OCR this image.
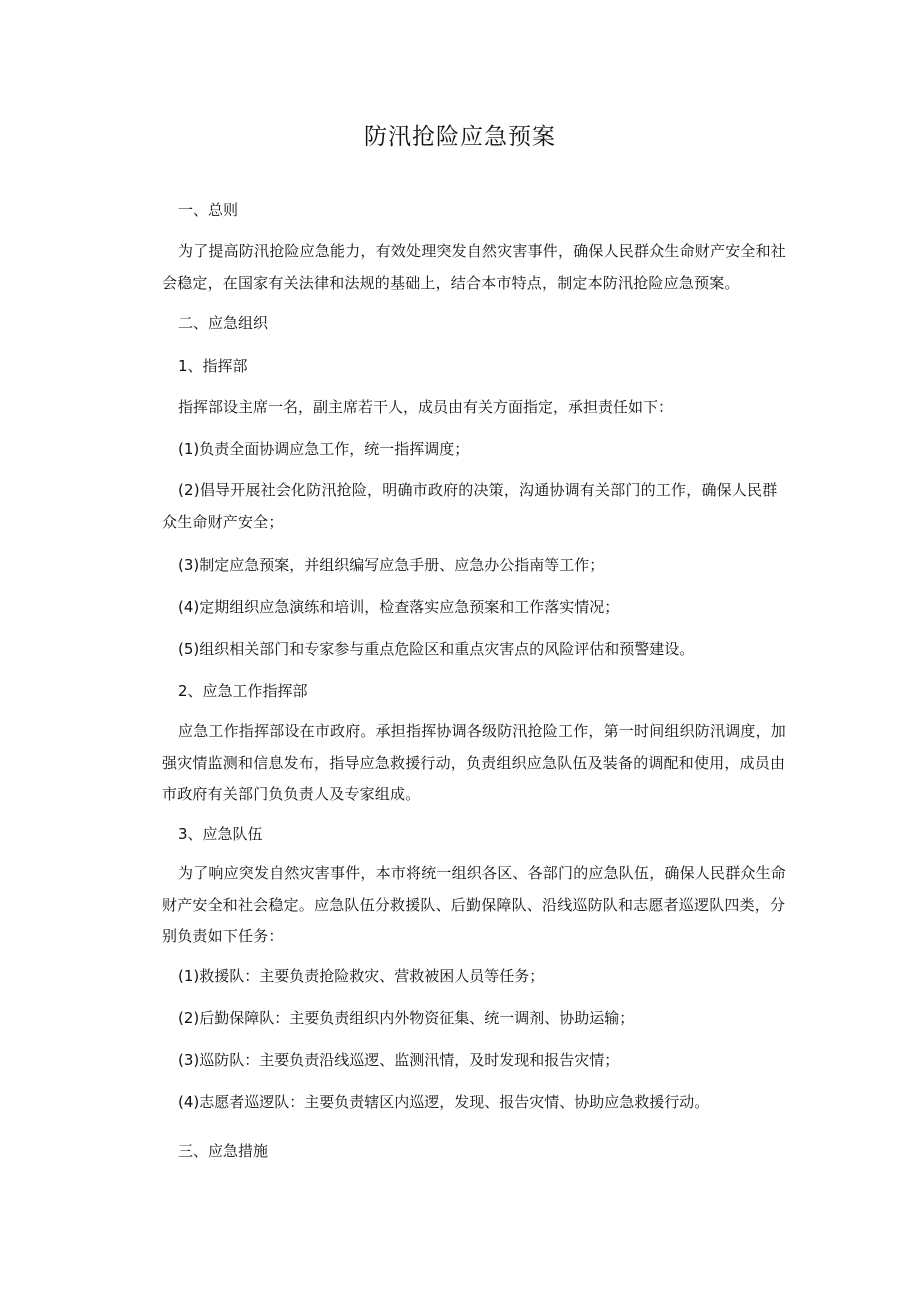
防汛抢险应急预案
一、总则
为了提高防汛抢险应急能力，有效处理突发自然灾害事件，确保人民群众生命财产安全和社会稳定，在国家有关法律和法规的基础上，结合本市特点，制定本防汛抢险应急预案。
二、应急组织
1、指挥部
指挥部设主席一名，副主席若干人，成员由有关方面指定，承担责任如下：
(1)负责全面协调应急工作，统一指挥调度；
(2)倡导开展社会化防汛抢险，明确市政府的决策，沟通协调有关部门的工作，确保人民群众生命财产安全；
(3)制定应急预案，并组织编写应急手册、应急办公指南等工作；
(4)定期组织应急演练和培训，检查落实应急预案和工作落实情况；
(5)组织相关部门和专家参与重点危险区和重点灾害点的风险评估和预警建设。
2、应急工作指挥部
应急工作指挥部设在市政府。承担指挥协调各级防汛抢险工作，第一时间组织防汛调度，加强灾情监测和信息发布，指导应急救援行动，负责组织应急队伍及装备的调配和使用，成员由市政府有关部门负负责人及专家组成。
3、应急队伍
为了响应突发自然灾害事件，本市将统一组织各区、各部门的应急队伍，确保人民群众生命财产安全和社会稳定。应急队伍分救援队、后勤保障队、沿线巡防队和志愿者巡逻队四类，分别负责如下任务：
(1)救援队：主要负责抢险救灾、营救被困人员等任务；
(2)后勤保障队：主要负责组织内外物资征集、统一调剂、协助运输；
(3)巡防队：主要负责沿线巡逻、监测汛情，及时发现和报告灾情；
(4)志愿者巡逻队：主要负责辖区内巡逻，发现、报告灾情、协助应急救援行动。
三、应急措施
